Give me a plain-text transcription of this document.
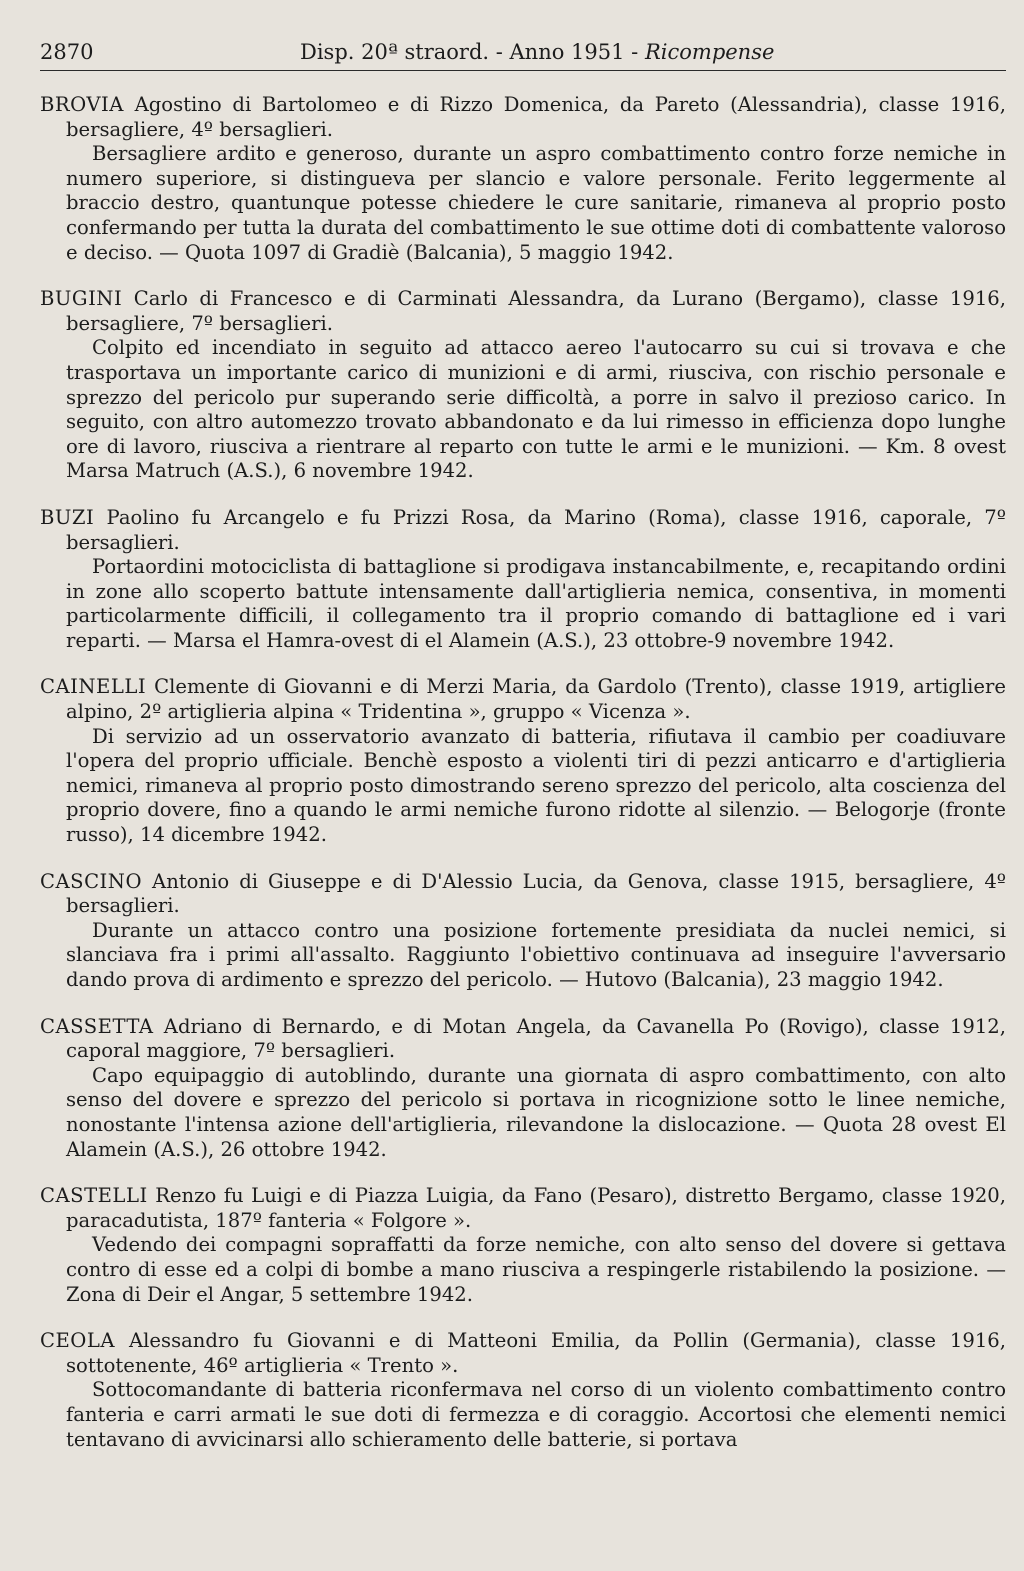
2870	Disp. 20ª straord. - Anno 1951 - Ricompense

BROVIA Agostino di Bartolomeo e di Rizzo Domenica, da Pareto (Alessandria), classe 1916, bersagliere, 4º bersaglieri.

Bersagliere ardito e generoso, durante un aspro combattimento contro forze nemiche in numero superiore, si distingueva per slancio e valore personale. Ferito leggermente al braccio destro, quantunque potesse chiedere le cure sanitarie, rimaneva al proprio posto confermando per tutta la durata del combattimento le sue ottime doti di combattente valoroso e deciso. — Quota 1097 di Gradiè (Balcania), 5 maggio 1942.

BUGINI Carlo di Francesco e di Carminati Alessandra, da Lurano (Bergamo), classe 1916, bersagliere, 7º bersaglieri.

Colpito ed incendiato in seguito ad attacco aereo l'autocarro su cui si trovava e che trasportava un importante carico di munizioni e di armi, riusciva, con rischio personale e sprezzo del pericolo pur superando serie difficoltà, a porre in salvo il prezioso carico. In seguito, con altro automezzo trovato abbandonato e da lui rimesso in efficienza dopo lunghe ore di lavoro, riusciva a rientrare al reparto con tutte le armi e le munizioni. — Km. 8 ovest Marsa Matruch (A.S.), 6 novembre 1942.

BUZI Paolino fu Arcangelo e fu Prizzi Rosa, da Marino (Roma), classe 1916, caporale, 7º bersaglieri.

Portaordini motociclista di battaglione si prodigava instancabilmente, e, recapitando ordini in zone allo scoperto battute intensamente dall'artiglieria nemica, consentiva, in momenti particolarmente difficili, il collegamento tra il proprio comando di battaglione ed i vari reparti. — Marsa el Hamra-ovest di el Alamein (A.S.), 23 ottobre-9 novembre 1942.

CAINELLI Clemente di Giovanni e di Merzi Maria, da Gardolo (Trento), classe 1919, artigliere alpino, 2º artiglieria alpina « Tridentina », gruppo « Vicenza ».

Di servizio ad un osservatorio avanzato di batteria, rifiutava il cambio per coadiuvare l'opera del proprio ufficiale. Benchè esposto a violenti tiri di pezzi anticarro e d'artiglieria nemici, rimaneva al proprio posto dimostrando sereno sprezzo del pericolo, alta coscienza del proprio dovere, fino a quando le armi nemiche furono ridotte al silenzio. — Belogorje (fronte russo), 14 dicembre 1942.

CASCINO Antonio di Giuseppe e di D'Alessio Lucia, da Genova, classe 1915, bersagliere, 4º bersaglieri.

Durante un attacco contro una posizione fortemente presidiata da nuclei nemici, si slanciava fra i primi all'assalto. Raggiunto l'obiettivo continuava ad inseguire l'avversario dando prova di ardimento e sprezzo del pericolo. — Hutovo (Balcania), 23 maggio 1942.

CASSETTA Adriano di Bernardo, e di Motan Angela, da Cavanella Po (Rovigo), classe 1912, caporal maggiore, 7º bersaglieri.

Capo equipaggio di autoblindo, durante una giornata di aspro combattimento, con alto senso del dovere e sprezzo del pericolo si portava in ricognizione sotto le linee nemiche, nonostante l'intensa azione dell'artiglieria, rilevandone la dislocazione. — Quota 28 ovest El Alamein (A.S.), 26 ottobre 1942.

CASTELLI Renzo fu Luigi e di Piazza Luigia, da Fano (Pesaro), distretto Bergamo, classe 1920, paracadutista, 187º fanteria « Folgore ».

Vedendo dei compagni sopraffatti da forze nemiche, con alto senso del dovere si gettava contro di esse ed a colpi di bombe a mano riusciva a respingerle ristabilendo la posizione. — Zona di Deir el Angar, 5 settembre 1942.

CEOLA Alessandro fu Giovanni e di Matteoni Emilia, da Pollin (Germania), classe 1916, sottotenente, 46º artiglieria « Trento ».

Sottocomandante di batteria riconfermava nel corso di un violento combattimento contro fanteria e carri armati le sue doti di fermezza e di coraggio. Accortosi che elementi nemici tentavano di avvicinarsi allo schieramento delle batterie, si portava
